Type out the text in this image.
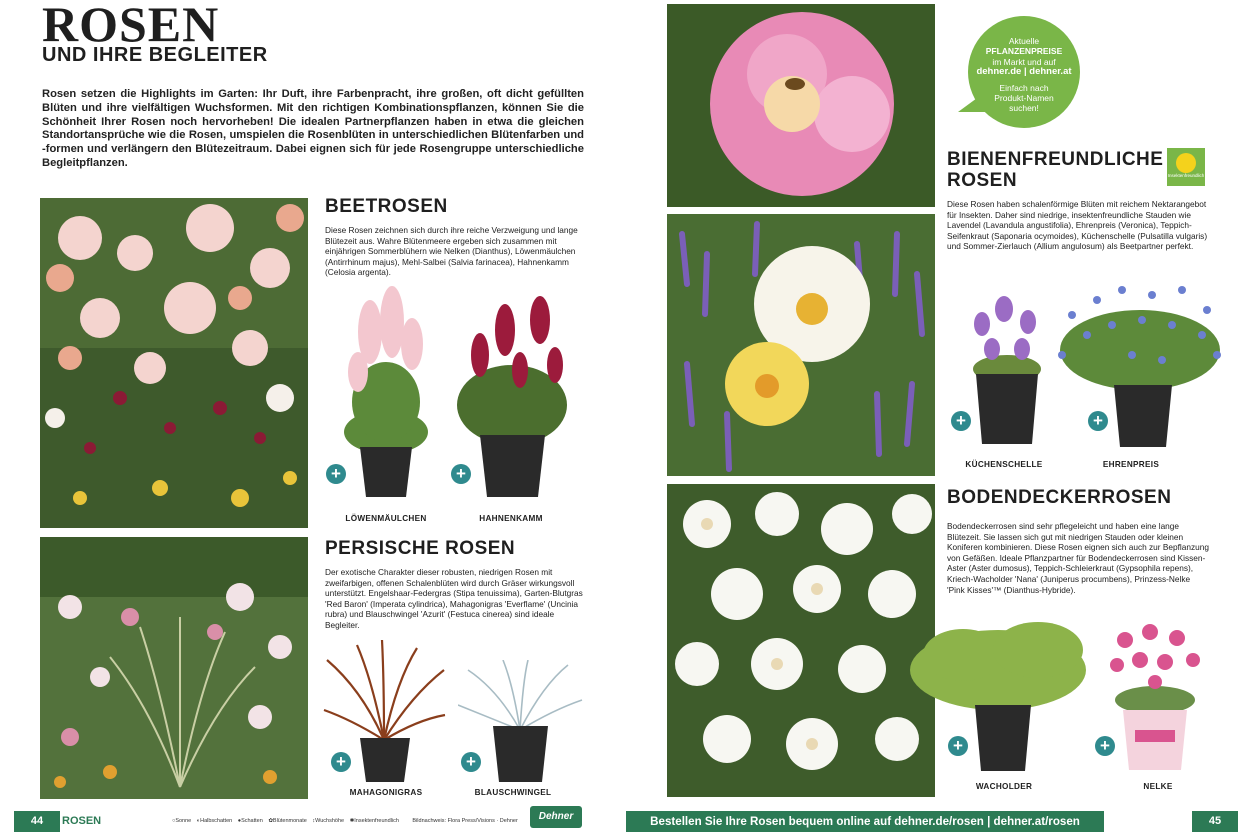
ROSEN
UND IHRE BEGLEITER
Rosen setzen die Highlights im Garten: Ihr Duft, ihre Farbenpracht, ihre großen, oft dicht gefüllten Blüten und ihre vielfältigen Wuchsformen. Mit den richtigen Kombinationspflanzen, können Sie die Schönheit Ihrer Rosen noch hervorheben! Die idealen Partnerpflanzen haben in etwa die gleichen Standortansprüche wie die Rosen, umspielen die Rosenblüten in unterschiedlichen Blütenfarben und -formen und verlängern den Blütezeitraum. Dabei eignen sich für jede Rosengruppe unterschiedliche Begleitpflanzen.
BEETROSEN
Diese Rosen zeichnen sich durch ihre reiche Verzweigung und lange Blütezeit aus. Wahre Blütenmeere ergeben sich zusammen mit einjährigen Sommerblühern wie Nelken (Dianthus), Löwenmäulchen (Antirrhinum majus), Mehl-Salbei (Salvia farinacea), Hahnenkamm (Celosia argenta).
+	+
LÖWENMÄULCHEN	HAHNENKAMM
PERSISCHE ROSEN
Der exotische Charakter dieser robusten, niedrigen Rosen mit zweifarbigen, offenen Schalenblüten wird durch Gräser wirkungsvoll unterstützt. Engelshaar-Federgras (Stipa tenuissima), Garten-Blutgras 'Red Baron' (Imperata cylindrica), Mahagonigras 'Everflame' (Uncinia rubra) und Blauschwingel 'Azurit' (Festuca cinerea) sind ideale Begleiter.
+	+
MAHAGONIGRAS	BLAUSCHWINGEL
Aktuelle
PFLANZENPREISE
im Markt und auf
dehner.de | dehner.at
Einfach nach
Produkt-Namen
suchen!
BIENENFREUNDLICHE
ROSEN	Insektenfreundlich
Diese Rosen haben schalenförmige Blüten mit reichem Nektarangebot für Insekten. Daher sind niedrige, insektenfreundliche Stauden wie Lavendel (Lavandula angustifolia), Ehrenpreis (Veronica), Teppich-Seifenkraut (Saponaria ocymoides), Küchenschelle (Pulsatilla vulgaris) und Sommer-Zierlauch (Allium angulosum) als Beetpartner perfekt.
+	+
KÜCHENSCHELLE	EHRENPREIS
BODENDECKERROSEN
Bodendeckerrosen sind sehr pflegeleicht und haben eine lange Blütezeit. Sie lassen sich gut mit niedrigen Stauden oder kleinen Koniferen kombinieren. Diese Rosen eignen sich auch zur Bepflanzung von Gefäßen. Ideale Pflanzpartner für Bodendeckerrosen sind Kissen-Aster (Aster dumosus), Teppich-Schleierkraut (Gypsophila repens), Kriech-Wacholder 'Nana' (Juniperus procumbens), Prinzess-Nelke 'Pink Kisses'™ (Dianthus-Hybride).
+	+
WACHOLDER	NELKE
44	ROSEN	○Sonne ◐Halbschatten ●Schatten ✿Blütenmonate ↕Wuchshöhe ✱Insektenfreundlich Bildnachweis: Flora Press/Visions · Dehner	Dehner	Bestellen Sie Ihre Rosen bequem online auf dehner.de/rosen | dehner.at/rosen	45
